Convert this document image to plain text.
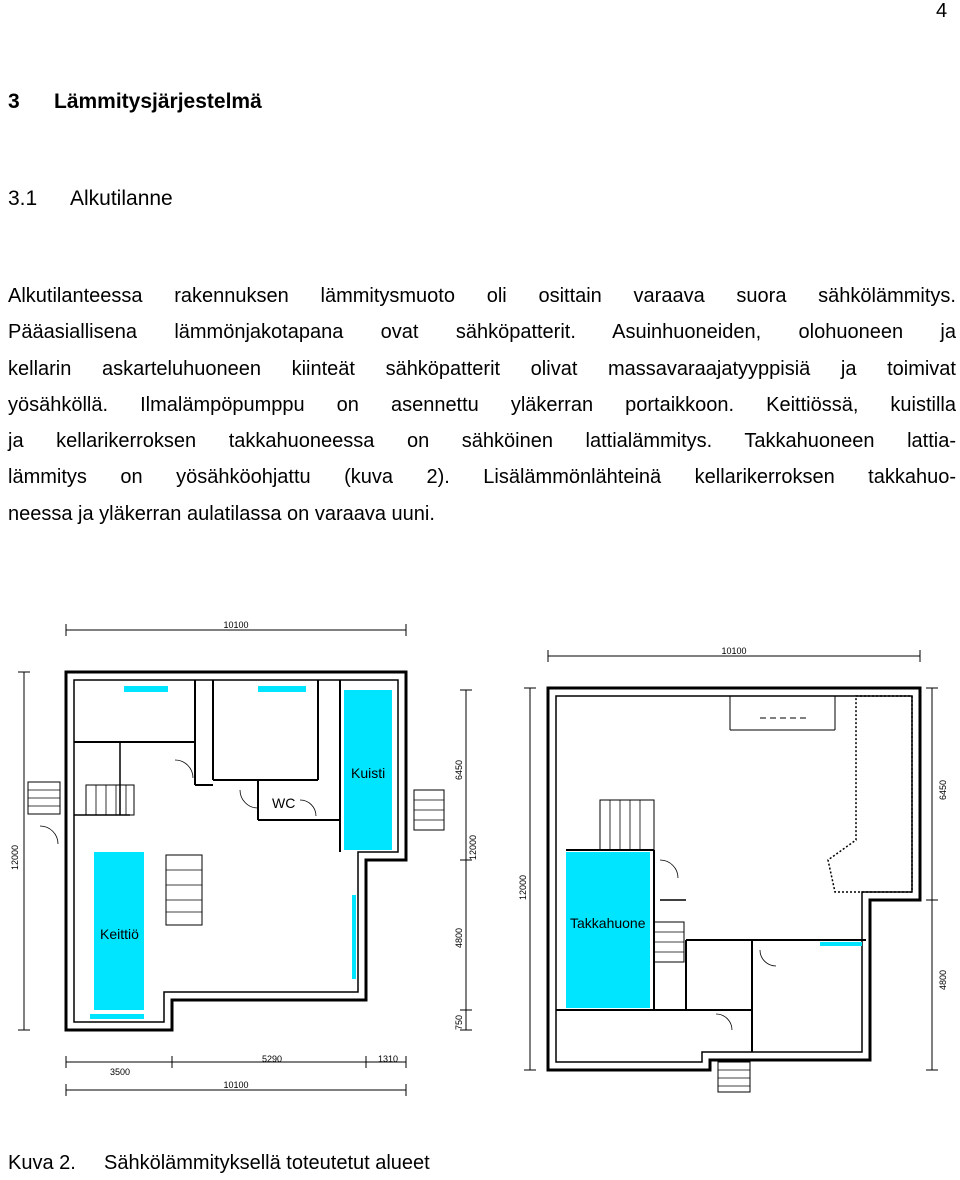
4
3 Lämmitysjärjestelmä
3.1 Alkutilanne
Alkutilanteessa rakennuksen lämmitysmuoto oli osittain varaava suora sähkölämmitys.
Pääasiallisena lämmönjakotapana ovat sähköpatterit. Asuinhuoneiden, olohuoneen ja
kellarin askarteluhuoneen kiinteät sähköpatterit olivat massavaraajatyyppisiä ja toimivat
yösähköllä. Ilmalämpöpumppu on asennettu yläkerran portaikkoon. Keittiössä, kuistilla
ja kellarikerroksen takkahuoneessa on sähköinen lattialämmitys. Takkahuoneen lattia-
lämmitys on yösähköohjattu (kuva 2). Lisälämmönlähteinä kellarikerroksen takkahuo-
neessa ja yläkerran aulatilassa on varaava uuni.
Kuisti
WC
Keittiö
10100
6450
12000
4800
750
12000
3500
5290	1310
10100
Takkahuone
10100
6450
4800
12000
Kuva 2. Sähkölämmityksellä toteutetut alueet
